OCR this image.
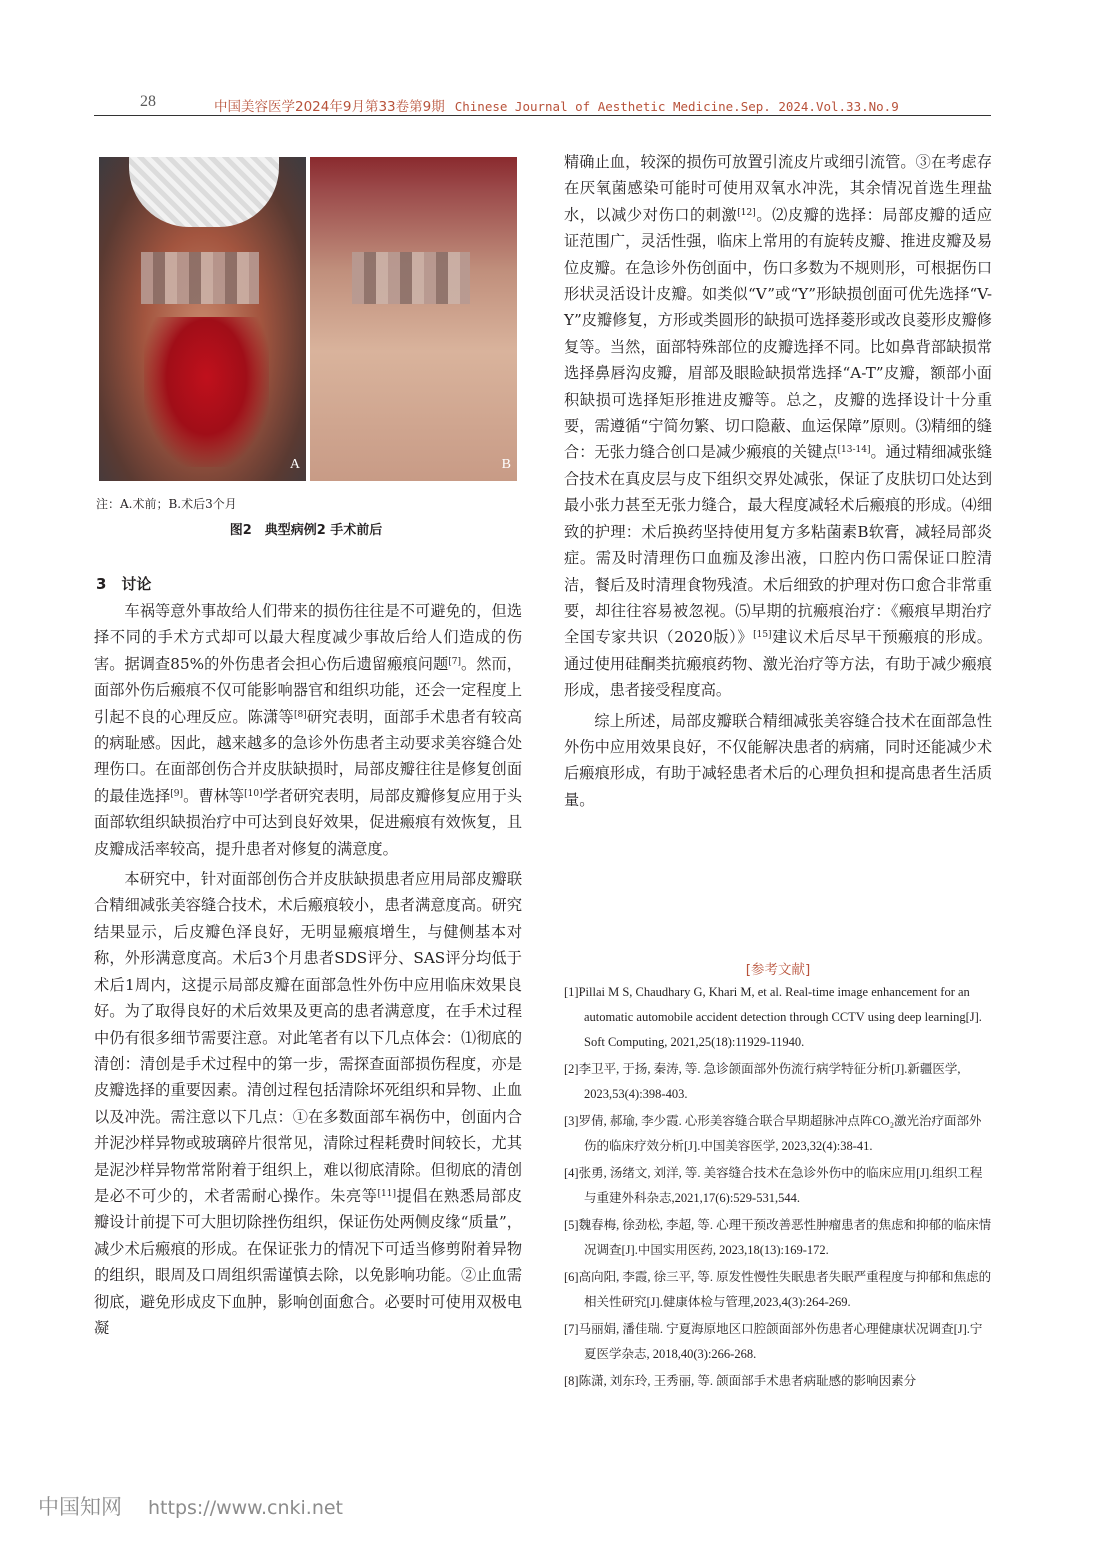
28	中国美容医学2024年9月第33卷第9期 Chinese Journal of Aesthetic Medicine.Sep. 2024.Vol.33.No.9
A	B
注：A.术前；B.术后3个月
图2　典型病例2 手术前后
3　讨论

车祸等意外事故给人们带来的损伤往往是不可避免的，但选择不同的手术方式却可以最大程度减少事故后给人们造成的伤害。据调查85%的外伤患者会担心伤后遗留瘢痕问题[7]。然而，面部外伤后瘢痕不仅可能影响器官和组织功能，还会一定程度上引起不良的心理反应。陈潇等[8]研究表明，面部手术患者有较高的病耻感。因此，越来越多的急诊外伤患者主动要求美容缝合处理伤口。在面部创伤合并皮肤缺损时，局部皮瓣往往是修复创面的最佳选择[9]。曹林等[10]学者研究表明，局部皮瓣修复应用于头面部软组织缺损治疗中可达到良好效果，促进瘢痕有效恢复，且皮瓣成活率较高，提升患者对修复的满意度。

本研究中，针对面部创伤合并皮肤缺损患者应用局部皮瓣联合精细减张美容缝合技术，术后瘢痕较小，患者满意度高。研究结果显示，后皮瓣色泽良好，无明显瘢痕增生，与健侧基本对称，外形满意度高。术后3个月患者SDS评分、SAS评分均低于术后1周内，这提示局部皮瓣在面部急性外伤中应用临床效果良好。为了取得良好的术后效果及更高的患者满意度，在手术过程中仍有很多细节需要注意。对此笔者有以下几点体会：⑴彻底的清创：清创是手术过程中的第一步，需探查面部损伤程度，亦是皮瓣选择的重要因素。清创过程包括清除坏死组织和异物、止血以及冲洗。需注意以下几点：①在多数面部车祸伤中，创面内合并泥沙样异物或玻璃碎片很常见，清除过程耗费时间较长，尤其是泥沙样异物常常附着于组织上，难以彻底清除。但彻底的清创是必不可少的，术者需耐心操作。朱亮等[11]提倡在熟悉局部皮瓣设计前提下可大胆切除挫伤组织，保证伤处两侧皮缘“质量”，减少术后瘢痕的形成。在保证张力的情况下可适当修剪附着异物的组织，眼周及口周组织需谨慎去除，以免影响功能。②止血需彻底，避免形成皮下血肿，影响创面愈合。必要时可使用双极电凝

精确止血，较深的损伤可放置引流皮片或细引流管。③在考虑存在厌氧菌感染可能时可使用双氧水冲洗，其余情况首选生理盐水，以减少对伤口的刺激[12]。⑵皮瓣的选择：局部皮瓣的适应证范围广，灵活性强，临床上常用的有旋转皮瓣、推进皮瓣及易位皮瓣。在急诊外伤创面中，伤口多数为不规则形，可根据伤口形状灵活设计皮瓣。如类似“V”或“Y”形缺损创面可优先选择“V-Y”皮瓣修复，方形或类圆形的缺损可选择菱形或改良菱形皮瓣修复等。当然，面部特殊部位的皮瓣选择不同。比如鼻背部缺损常选择鼻唇沟皮瓣，眉部及眼睑缺损常选择“A-T”皮瓣，额部小面积缺损可选择矩形推进皮瓣等。总之，皮瓣的选择设计十分重要，需遵循“宁简勿繁、切口隐蔽、血运保障”原则。⑶精细的缝合：无张力缝合创口是减少瘢痕的关键点[13-14]。通过精细减张缝合技术在真皮层与皮下组织交界处减张，保证了皮肤切口处达到最小张力甚至无张力缝合，最大程度减轻术后瘢痕的形成。⑷细致的护理：术后换药坚持使用复方多粘菌素B软膏，减轻局部炎症。需及时清理伤口血痂及渗出液，口腔内伤口需保证口腔清洁，餐后及时清理食物残渣。术后细致的护理对伤口愈合非常重要，却往往容易被忽视。⑸早期的抗瘢痕治疗：《瘢痕早期治疗全国专家共识（2020版）》[15]建议术后尽早干预瘢痕的形成。通过使用硅酮类抗瘢痕药物、激光治疗等方法，有助于减少瘢痕形成，患者接受程度高。

综上所述，局部皮瓣联合精细减张美容缝合技术在面部急性外伤中应用效果良好，不仅能解决患者的病痛，同时还能减少术后瘢痕形成，有助于减轻患者术后的心理负担和提高患者生活质量。

[参考文献]
[1]Pillai M S, Chaudhary G, Khari M, et al. Real-time image enhancement for an automatic automobile accident detection through CCTV using deep learning[J]. Soft Computing, 2021,25(18):11929-11940.
[2]李卫平, 于扬, 秦涛, 等. 急诊颌面部外伤流行病学特征分析[J].新疆医学, 2023,53(4):398-403.
[3]罗倩, 郝瑜, 李少霞. 心形美容缝合联合早期超脉冲点阵CO₂激光治疗面部外伤的临床疗效分析[J].中国美容医学, 2023,32(4):38-41.
[4]张勇, 汤绪文, 刘洋, 等. 美容缝合技术在急诊外伤中的临床应用[J].组织工程与重建外科杂志,2021,17(6):529-531,544.
[5]魏春梅, 徐劲松, 李超, 等. 心理干预改善恶性肿瘤患者的焦虑和抑郁的临床情况调查[J].中国实用医药, 2023,18(13):169-172.
[6]高向阳, 李霞, 徐三平, 等. 原发性慢性失眠患者失眠严重程度与抑郁和焦虑的相关性研究[J].健康体检与管理,2023,4(3):264-269.
[7]马丽娟, 潘佳瑞. 宁夏海原地区口腔颌面部外伤患者心理健康状况调查[J].宁夏医学杂志, 2018,40(3):266-268.
[8]陈潇, 刘东玲, 王秀丽, 等. 颌面部手术患者病耻感的影响因素分
中国知网 https://www.cnki.net
